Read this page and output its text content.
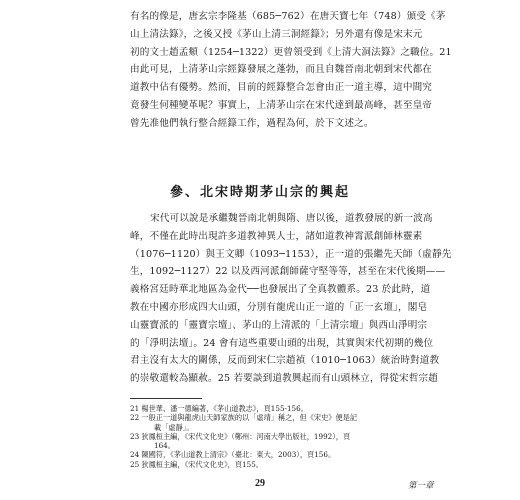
有名的像是，唐玄宗李隆基（685─762）在唐天寶七年（748）頒受《茅
山上清法籙》，之後又授《茅山上清三洞經籙》；另外還有像是宋末元
初的文士趙孟頫（1254─1322）更曾領受到《上清大洞法籙》之職位。21
由此可見，上清茅山宗經籙發展之蓬勃，而且自魏晉南北朝到宋代都在
道教中佔有優勢。然而，目前的經籙整合怎會由正一道主導，這中間究
竟發生何種變革呢？事實上，上清茅山宗在宋代達到最高峰，甚至皇帝
曾先准他們執行整合經籙工作，過程為何，於下文述之。
參、北宋時期茅山宗的興起
宋代可以說是承繼魏晉南北朝與隋、唐以後，道教發展的新一波高
峰，不僅在此時出現許多道教神異人士，諸如道教神霄派創師林靈素
（1076─1120）與王文卿（1093─1153），正一道的張繼先天師（虛靜先
生，1092─1127）22 以及西河派創師薩守堅等等，甚至在宋代後期——
義格宮廷時華北地區為金代──也發展出了全真教體系。23 於此時，道
教在中國亦形成四大山頭，分別有龍虎山正一道的「正一玄壇」，閣皂
山靈寶派的「靈寶宗壇」、茅山的上清派的「上清宗壇」與西山淨明宗
的「淨明法壇」。24 會有這些重要山頭的出現，其實與宋代初期的幾位
君主沒有太大的關係，反而到宋仁宗趙禎（1010─1063）統治時對道教
的崇敬還較為顯赦。25 若要談到道教興起而有山頭林立，得從宋哲宗趙
21 楊世華、潘一德編著，《茅山道教志》，頁155-156。
22 一般正一道與龍虎山天師家族的以「虛靖」稱之，但《宋史》便是記
載「虛靜」。
23 狄鳳桓主編，《宋代文化史》（鄭州：河南大學出版社，1992），頁
164。
24 陳國符，《茅山道教上清宗》（臺北：東大，2003），頁156。
25 狄鳳桓主編，《宋代文化史》，頁155。
29	第一章
